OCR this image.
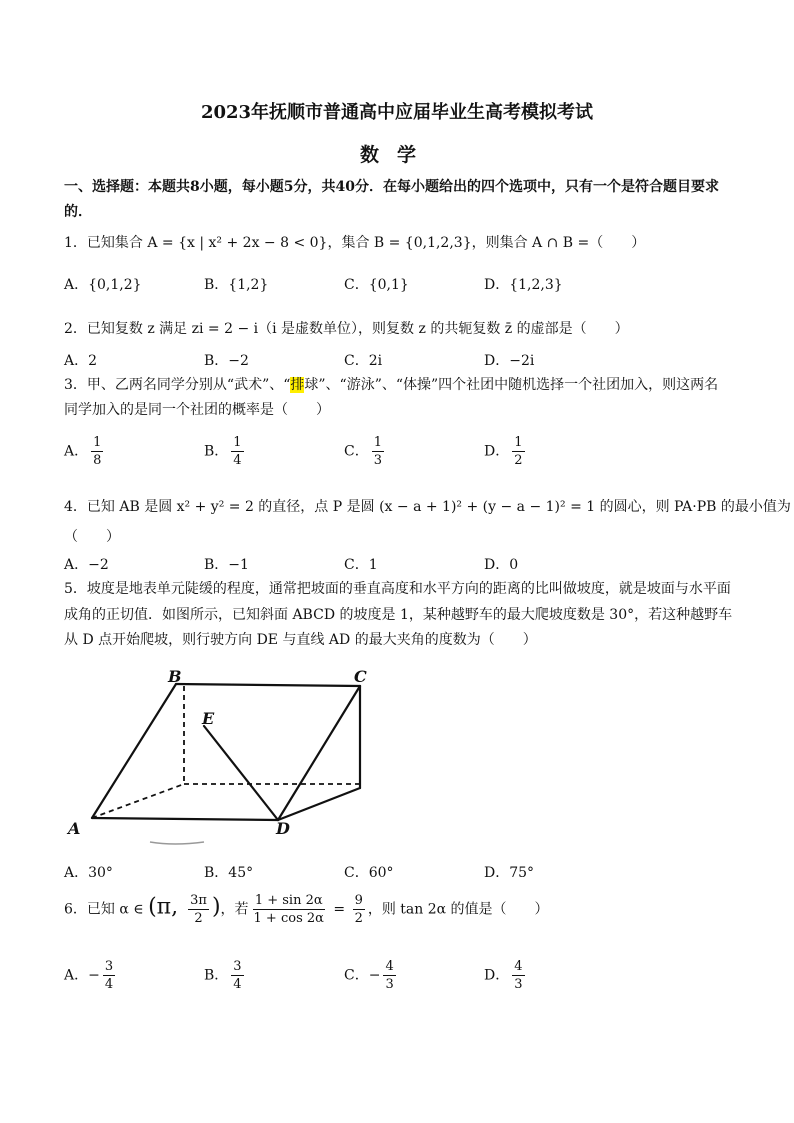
2023年抚顺市普通高中应届毕业生高考模拟考试
数学
一、选择题：本题共8小题，每小题5分，共40分．在每小题给出的四个选项中，只有一个是符合题目要求
的．
1．已知集合 A = {x | x² + 2x − 8 < 0}，集合 B = {0,1,2,3}，则集合 A ∩ B =（　　）
A．{0,1,2}	B．{1,2}	C．{0,1}	D．{1,2,3}
2．已知复数 z 满足 zi = 2 − i（i 是虚数单位），则复数 z 的共轭复数 z̄ 的虚部是（　　）
A．2	B．−2	C．2i	D．−2i
3．甲、乙两名同学分别从“武术”、“排球”、“游泳”、“体操”四个社团中随机选择一个社团加入，则这两名
同学加入的是同一个社团的概率是（　　）
A． $\frac{1}{8}$	B． $\frac{1}{4}$	C． $\frac{1}{3}$	D． $\frac{1}{2}$
4．已知 AB 是圆 x² + y² = 2 的直径，点 P 是圆 (x − a + 1)² + (y − a − 1)² = 1 的圆心，则 PA·PB 的最小值为
（　　）
A．−2	B．−1	C．1	D．0
5．坡度是地表单元陡缓的程度，通常把坡面的垂直高度和水平方向的距离的比叫做坡度，就是坡面与水平面
成角的正切值．如图所示，已知斜面 ABCD 的坡度是 1，某种越野车的最大爬坡度数是 30°，若这种越野车
从 D 点开始爬坡，则行驶方向 DE 与直线 AD 的最大夹角的度数为（　　）
B	C
E
A	D
A．30°	B．45°	C．60°	D．75°
6．已知 α ∈ (π, $\frac{3\pi}{2}$ )，若 $\frac{1 + \sin 2\alpha}{1 + \cos 2\alpha} = \frac{9}{2}$ ，则 tan 2α 的值是（　　）
A．− $\frac{3}{4}$	B． $\frac{3}{4}$	C．− $\frac{4}{3}$	D． $\frac{4}{3}$
